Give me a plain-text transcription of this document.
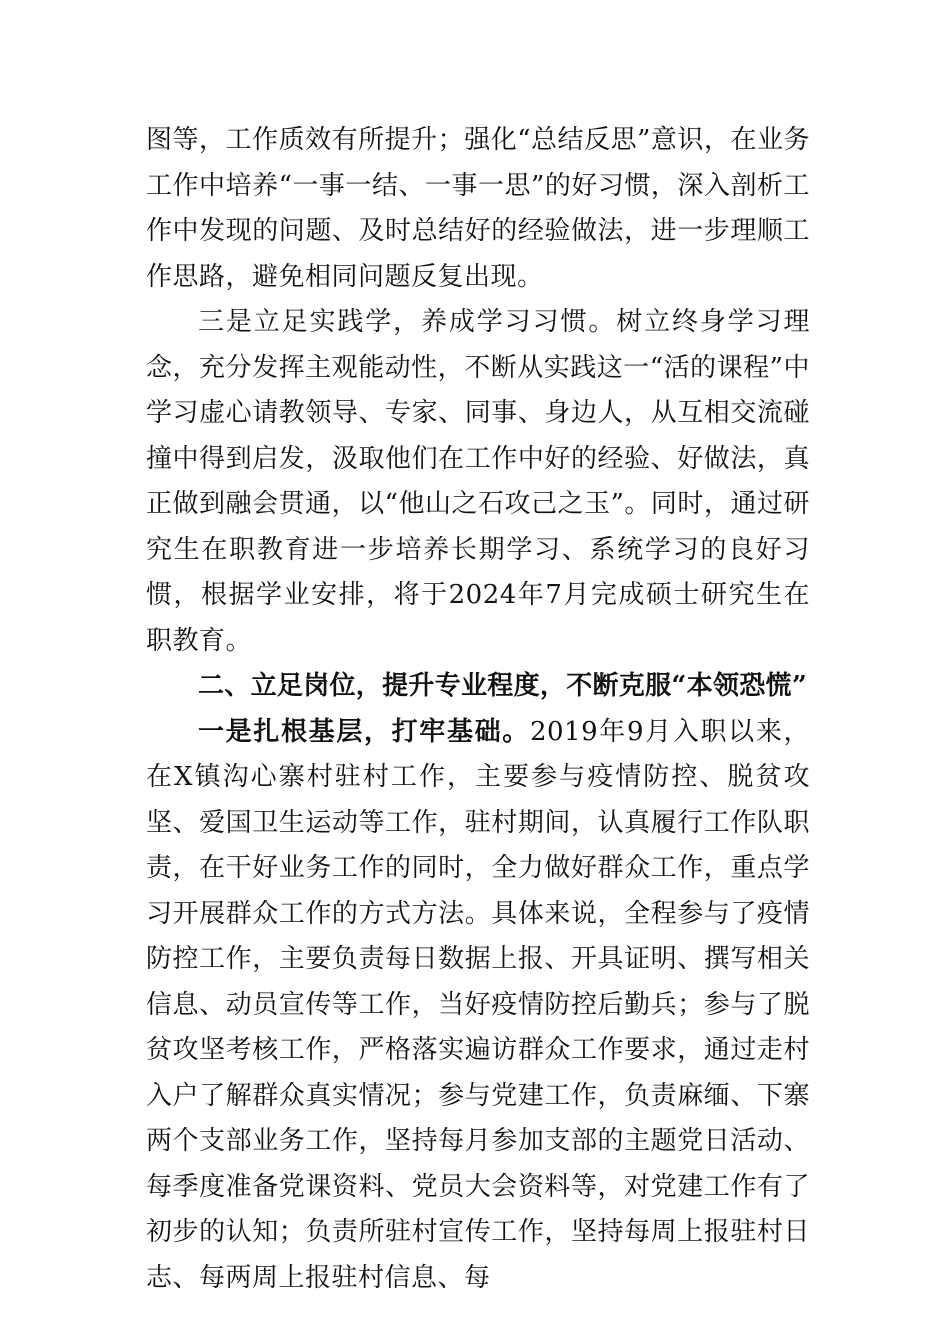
图等，工作质效有所提升；强化“总结反思”意识，在业务工作中培养“一事一结、一事一思”的好习惯，深入剖析工作中发现的问题、及时总结好的经验做法，进一步理顺工作思路，避免相同问题反复出现。

三是立足实践学，养成学习习惯。树立终身学习理念，充分发挥主观能动性，不断从实践这一“活的课程”中学习虚心请教领导、专家、同事、身边人，从互相交流碰撞中得到启发，汲取他们在工作中好的经验、好做法，真正做到融会贯通，以“他山之石攻己之玉”。同时，通过研究生在职教育进一步培养长期学习、系统学习的良好习惯，根据学业安排，将于2024年7月完成硕士研究生在职教育。

二、立足岗位，提升专业程度，不断克服“本领恐慌”

一是扎根基层，打牢基础。2019年9月入职以来，在X镇沟心寨村驻村工作，主要参与疫情防控、脱贫攻坚、爱国卫生运动等工作，驻村期间，认真履行工作队职责，在干好业务工作的同时，全力做好群众工作，重点学习开展群众工作的方式方法。具体来说，全程参与了疫情防控工作，主要负责每日数据上报、开具证明、撰写相关信息、动员宣传等工作，当好疫情防控后勤兵；参与了脱贫攻坚考核工作，严格落实遍访群众工作要求，通过走村入户了解群众真实情况；参与党建工作，负责麻缅、下寨两个支部业务工作，坚持每月参加支部的主题党日活动、每季度准备党课资料、党员大会资料等，对党建工作有了初步的认知；负责所驻村宣传工作，坚持每周上报驻村日志、每两周上报驻村信息、每
